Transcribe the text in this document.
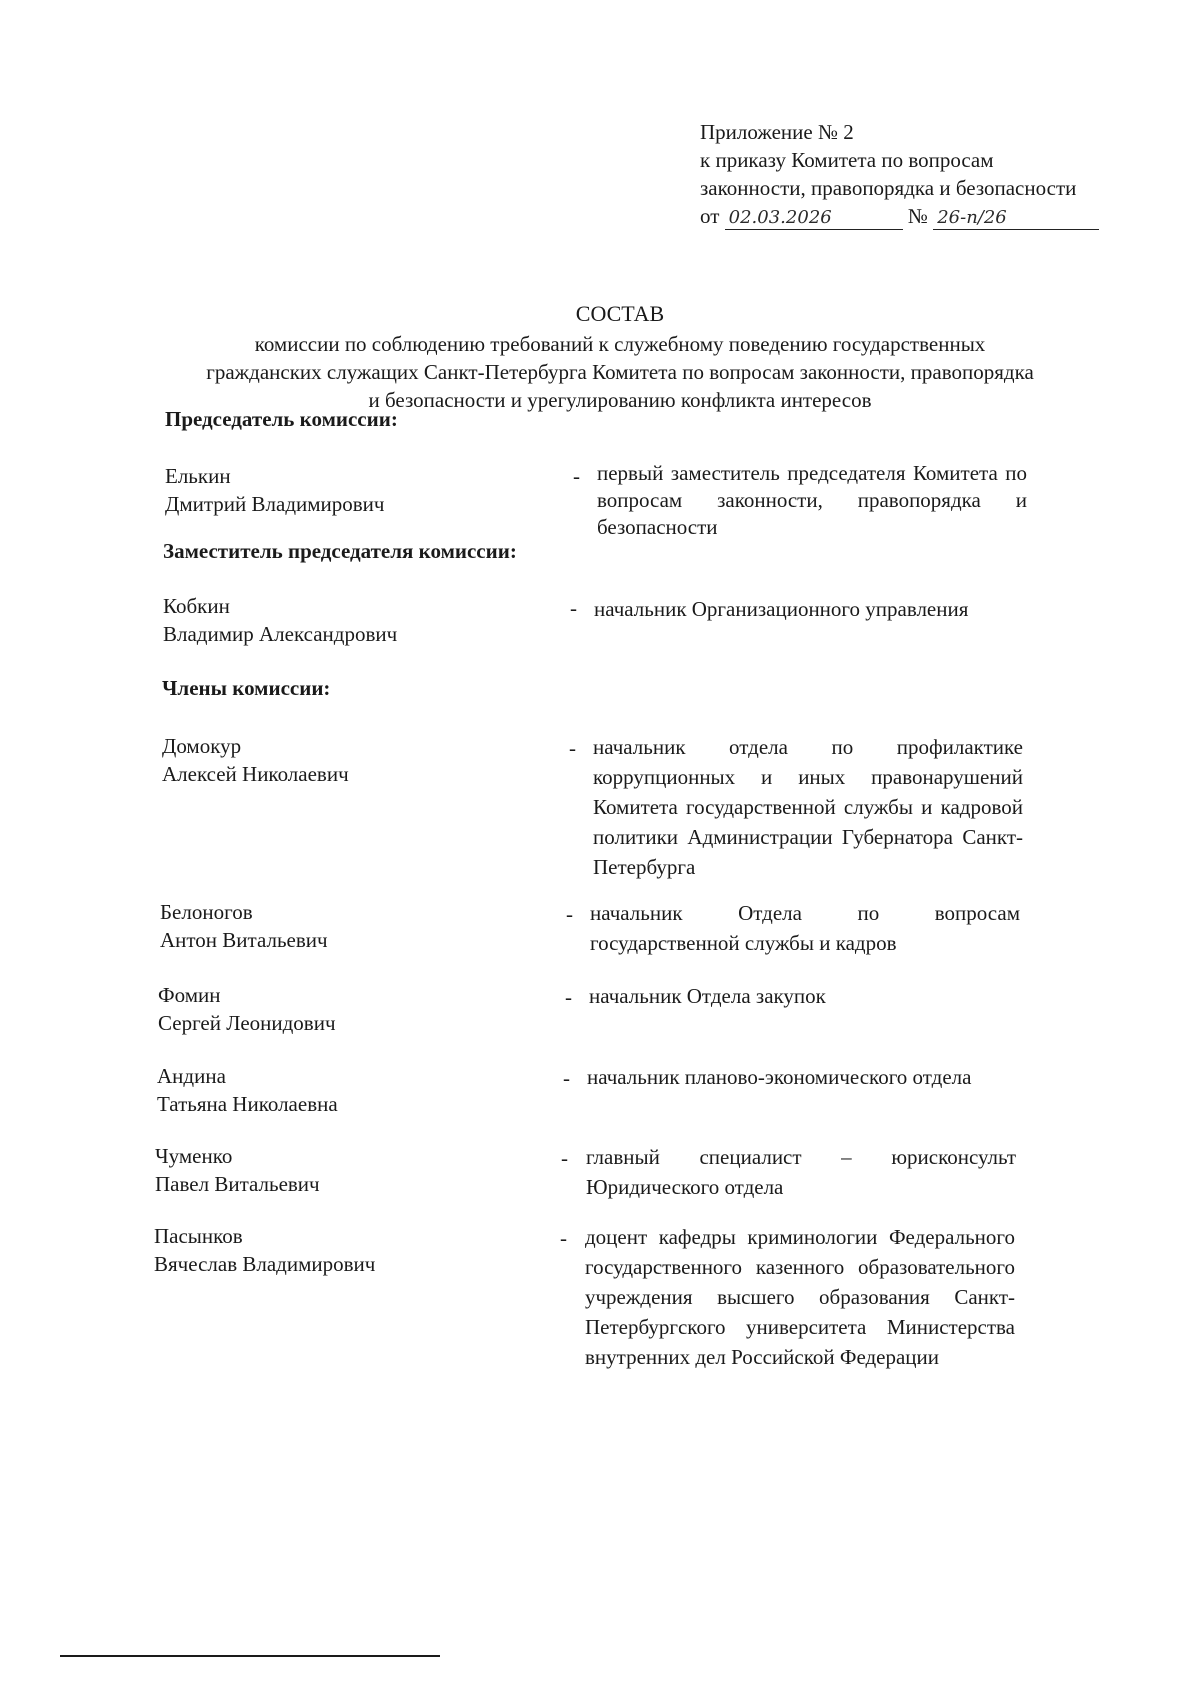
Приложение № 2
к приказу Комитета по вопросам
законности, правопорядка и безопасности
от 02.03.2026	№ 26-п/26
СОСТАВ
комиссии по соблюдению требований к служебному поведению государственных гражданских служащих Санкт-Петербурга Комитета по вопросам законности, правопорядка и безопасности и урегулированию конфликта интересов
Председатель комиссии:
Елькин
Дмитрий Владимирович
- первый заместитель председателя Комитета по вопросам законности, правопорядка и безопасности
Заместитель председателя комиссии:
Кобкин
Владимир Александрович
- начальник Организационного управления
Члены комиссии:
Домокур
Алексей Николаевич
- начальник отдела по профилактике коррупционных и иных правонарушений Комитета государственной службы и кадровой политики Администрации Губернатора Санкт-Петербурга
Белоногов
Антон Витальевич
- начальник Отдела по вопросам государственной службы и кадров
Фомин
Сергей Леонидович
- начальник Отдела закупок
Андина
Татьяна Николаевна
- начальник планово-экономического отдела
Чуменко
Павел Витальевич
- главный специалист – юрисконсульт Юридического отдела
Пасынков
Вячеслав Владимирович
- доцент кафедры криминологии Федерального государственного казенного образовательного учреждения высшего образования Санкт-Петербургского университета Министерства внутренних дел Российской Федерации
